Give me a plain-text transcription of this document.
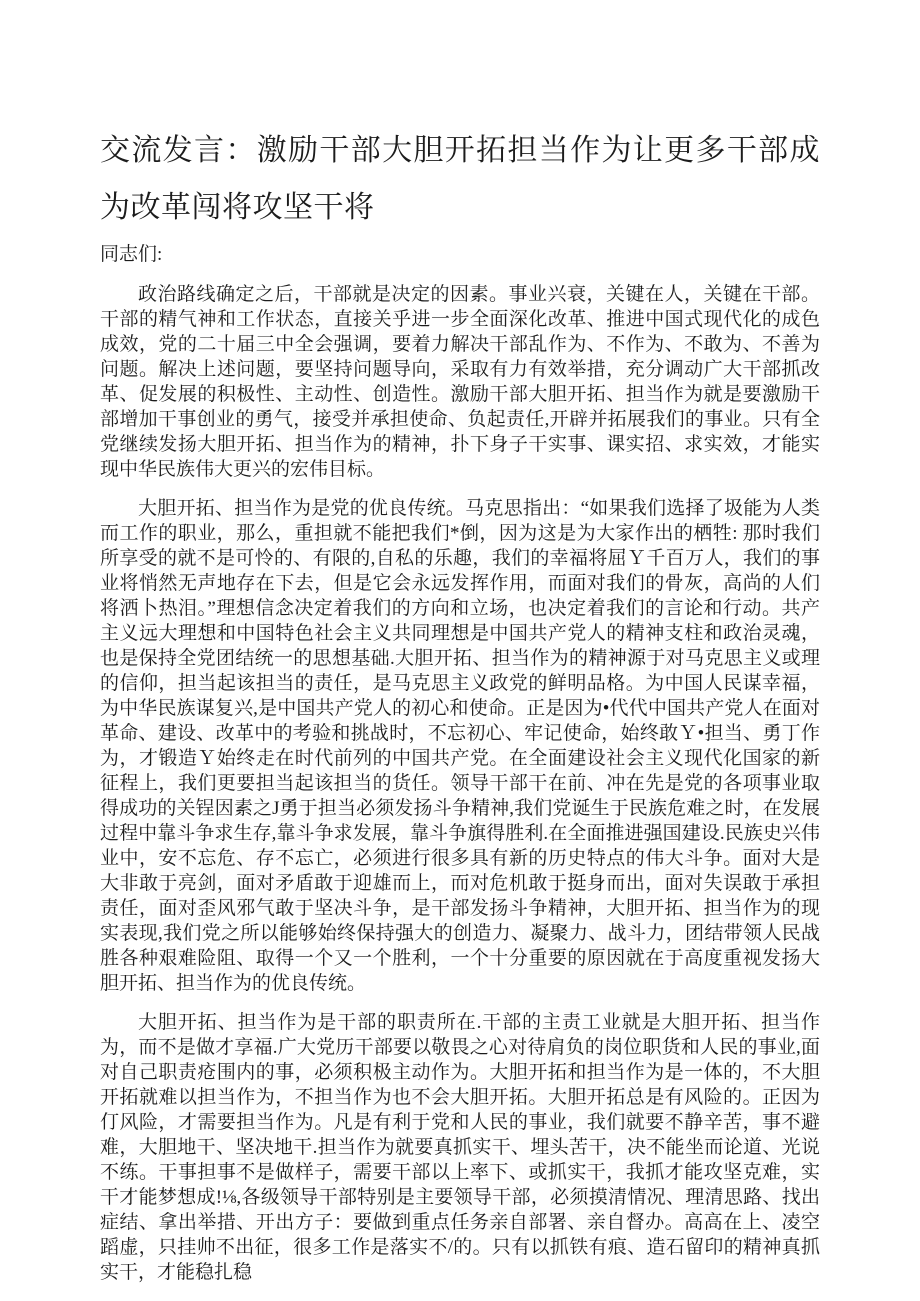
交流发言：激励干部大胆开拓担当作为让更多干部成为改革闯将攻坚干将

同志们:

政治路线确定之后，干部就是决定的因素。事业兴衰，关键在人，关键在干部。干部的精气神和工作状态，直接关乎进一步全面深化改革、推进中国式现代化的成色成效，党的二十届三中全会强调，要着力解决干部乱作为、不作为、不敢为、不善为问题。解决上述问题，要坚持问题导向，采取有力有效举措，充分调动广大干部抓改革、促发展的积极性、主动性、创造性。激励干部大胆开拓、担当作为就是要激励干部增加干事创业的勇气，接受并承担使命、负起责任,开辟并拓展我们的事业。只有全党继续发扬大胆开拓、担当作为的精神，扑下身子干实事、课实招、求实效，才能实现中华民族伟大更兴的宏伟目标。

大胆开拓、担当作为是党的优良传统。马克思指出：“如果我们选择了圾能为人类而工作的职业，那么，重担就不能把我们*倒，因为这是为大家作出的栖牲: 那时我们所享受的就不是可怜的、有限的,自私的乐趣，我们的幸福将屈Ｙ千百万人，我们的事业将悄然无声地存在下去，但是它会永远发挥作用，而面对我们的骨灰，高尚的人们将洒卜热泪。”理想信念决定着我们的方向和立场，也决定着我们的言论和行动。共产主义远大理想和中国特色社会主义共同理想是中国共产党人的精神支柱和政治灵魂，也是保持全党团结统一的思想基础.大胆开拓、担当作为的精神源于对马克思主义或理的信仰，担当起该担当的责任，是马克思主义政党的鲜明品格。为中国人民谋幸福，为中华民族谋复兴,是中国共产党人的初心和使命。正是因为•代代中国共产党人在面对革命、建设、改革中的考验和挑战时，不忘初心、牢记使命，始终敢Ｙ•担当、勇丁作为，才锻造Ｙ始终走在时代前列的中国共产党。在全面建设社会主义现代化国家的新征程上，我们更要担当起该担当的货任。领导干部干在前、冲在先是党的各项事业取得成功的关锃因素之J勇于担当必须发扬斗争精神,我们党诞生于民族危难之时，在发展过程中靠斗争求生存,靠斗争求发展，靠斗争旗得胜利.在全面推进强国建设.民族史兴伟业中，安不忘危、存不忘亡，必须进行很多具有新的历史特点的伟大斗争。面对大是大非敢于亮剑，面对矛盾敢于迎雄而上，而对危机敢于挺身而出，面对失误敢于承担责任，面对歪风邪气敢于坚决斗争，是干部发扬斗争精神，大胆开拓、担当作为的现实表现,我们党之所以能够始终保持强大的创造力、凝聚力、战斗力，团结带领人民战胜各种艰难险阻、取得一个又一个胜利，一个十分重要的原因就在于高度重视发扬大胆开拓、担当作为的优良传统。

大胆开拓、担当作为是干部的职责所在.干部的主责工业就是大胆开拓、担当作为，而不是做才享福.广大党历干部要以敬畏之心对待肩负的岗位职货和人民的事业,面对自己职责疮围内的事，必须积极主动作为。大胆开拓和担当作为是一体的，不大胆开拓就难以担当作为，不担当作为也不会大胆开拓。大胆开拓总是有风险的。正因为仃风险，才需要担当作为。凡是有利于党和人民的事业，我们就要不静辛苦，事不避难，大胆地干、坚决地干.担当作为就要真抓实干、埋头苦干，决不能坐而论道、光说不练。干事担事不是做样子，需要干部以上率下、或抓实干，我抓才能攻坚克难，实干才能梦想成!⅛,各级领导干部特别是主要领导干部，必须摸清情况、理清思路、找出症结、拿出举措、开出方子：要做到重点任务亲自部署、亲自督办。高高在上、凌空蹈虚，只挂帅不出征，很多工作是落实不/的。只有以抓铁有痕、造石留印的精神真抓实干，才能稳扎稳
